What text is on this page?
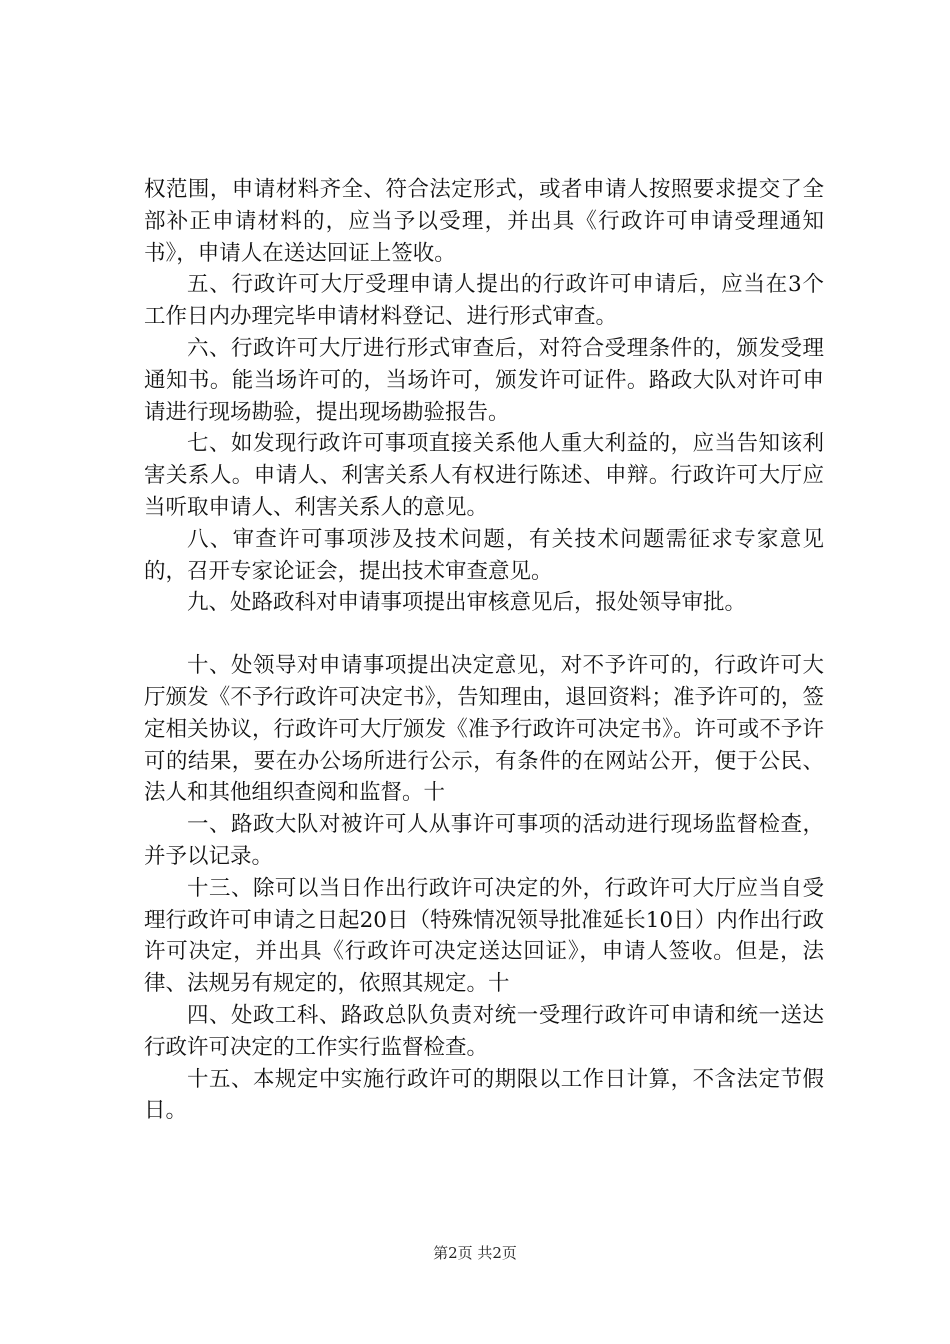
权范围，申请材料齐全、符合法定形式，或者申请人按照要求提交了全部补正申请材料的，应当予以受理，并出具《行政许可申请受理通知书》，申请人在送达回证上签收。

五、行政许可大厅受理申请人提出的行政许可申请后，应当在3个工作日内办理完毕申请材料登记、进行形式审查。

六、行政许可大厅进行形式审查后，对符合受理条件的，颁发受理通知书。能当场许可的，当场许可，颁发许可证件。路政大队对许可申请进行现场勘验，提出现场勘验报告。

七、如发现行政许可事项直接关系他人重大利益的，应当告知该利害关系人。申请人、利害关系人有权进行陈述、申辩。行政许可大厅应当听取申请人、利害关系人的意见。

八、审查许可事项涉及技术问题，有关技术问题需征求专家意见的，召开专家论证会，提出技术审查意见。

九、处路政科对申请事项提出审核意见后，报处领导审批。

十、处领导对申请事项提出决定意见，对不予许可的，行政许可大厅颁发《不予行政许可决定书》，告知理由，退回资料；准予许可的，签定相关协议，行政许可大厅颁发《准予行政许可决定书》。许可或不予许可的结果，要在办公场所进行公示，有条件的在网站公开，便于公民、法人和其他组织查阅和监督。十

一、路政大队对被许可人从事许可事项的活动进行现场监督检查，并予以记录。

十三、除可以当日作出行政许可决定的外，行政许可大厅应当自受理行政许可申请之日起20日（特殊情况领导批准延长10日）内作出行政许可决定，并出具《行政许可决定送达回证》，申请人签收。但是，法律、法规另有规定的，依照其规定。十

四、处政工科、路政总队负责对统一受理行政许可申请和统一送达行政许可决定的工作实行监督检查。

十五、本规定中实施行政许可的期限以工作日计算，不含法定节假日。

第2页 共2页
